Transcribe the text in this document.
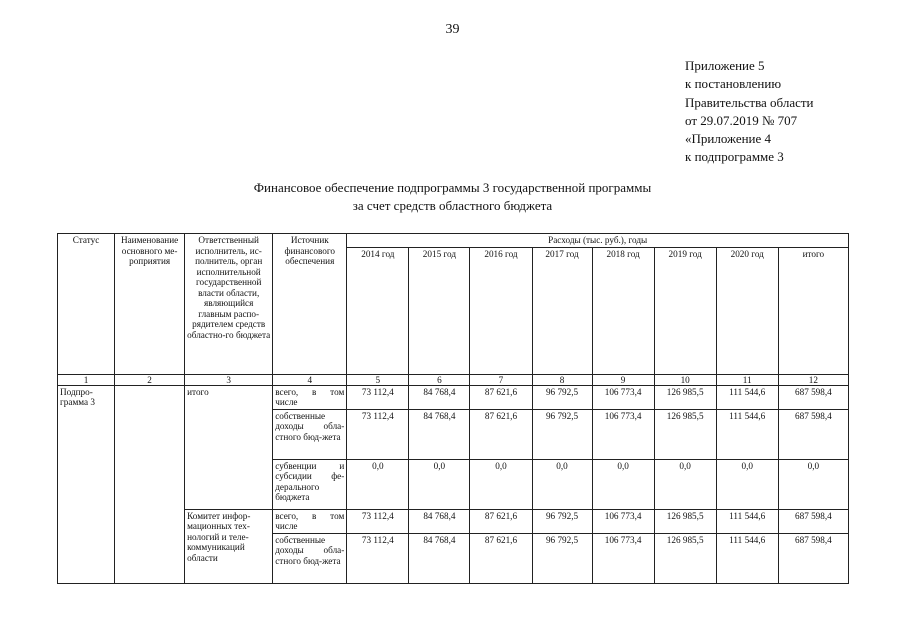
39
Приложение 5
к постановлению
Правительства области
от 29.07.2019 № 707
«Приложение 4
к подпрограмме 3
Финансовое обеспечение подпрограммы 3 государственной программы
за счет средств областного бюджета
Статус	Наименование основного ме-роприятия	Ответственный исполнитель, ис-полнитель, орган исполнительной государственной власти области, являющийся главным распо-рядителем средств областно-го бюджета	Источник финансового обеспечения	Расходы (тыс. руб.), годы							
				2014 год	2015 год	2016 год	2017 год	2018 год	2019 год	2020 год	итого
1	2	3	4	5	6	7	8	9	10	11	12
Подпро-грамма 3		итого	всего, в том числе	73 112,4	84 768,4	87 621,6	96 792,5	106 773,4	126 985,5	111 544,6	687 598,4
			собственные доходы обла-стного бюд-жета	73 112,4	84 768,4	87 621,6	96 792,5	106 773,4	126 985,5	111 544,6	687 598,4
			субвенции и субсидии фе-дерального бюджета	0,0	0,0	0,0	0,0	0,0	0,0	0,0	0,0
		Комитет инфор-мационных тех-нологий и теле-коммуникаций области	всего, в том числе	73 112,4	84 768,4	87 621,6	96 792,5	106 773,4	126 985,5	111 544,6	687 598,4
			собственные доходы обла-стного бюд-жета	73 112,4	84 768,4	87 621,6	96 792,5	106 773,4	126 985,5	111 544,6	687 598,4
